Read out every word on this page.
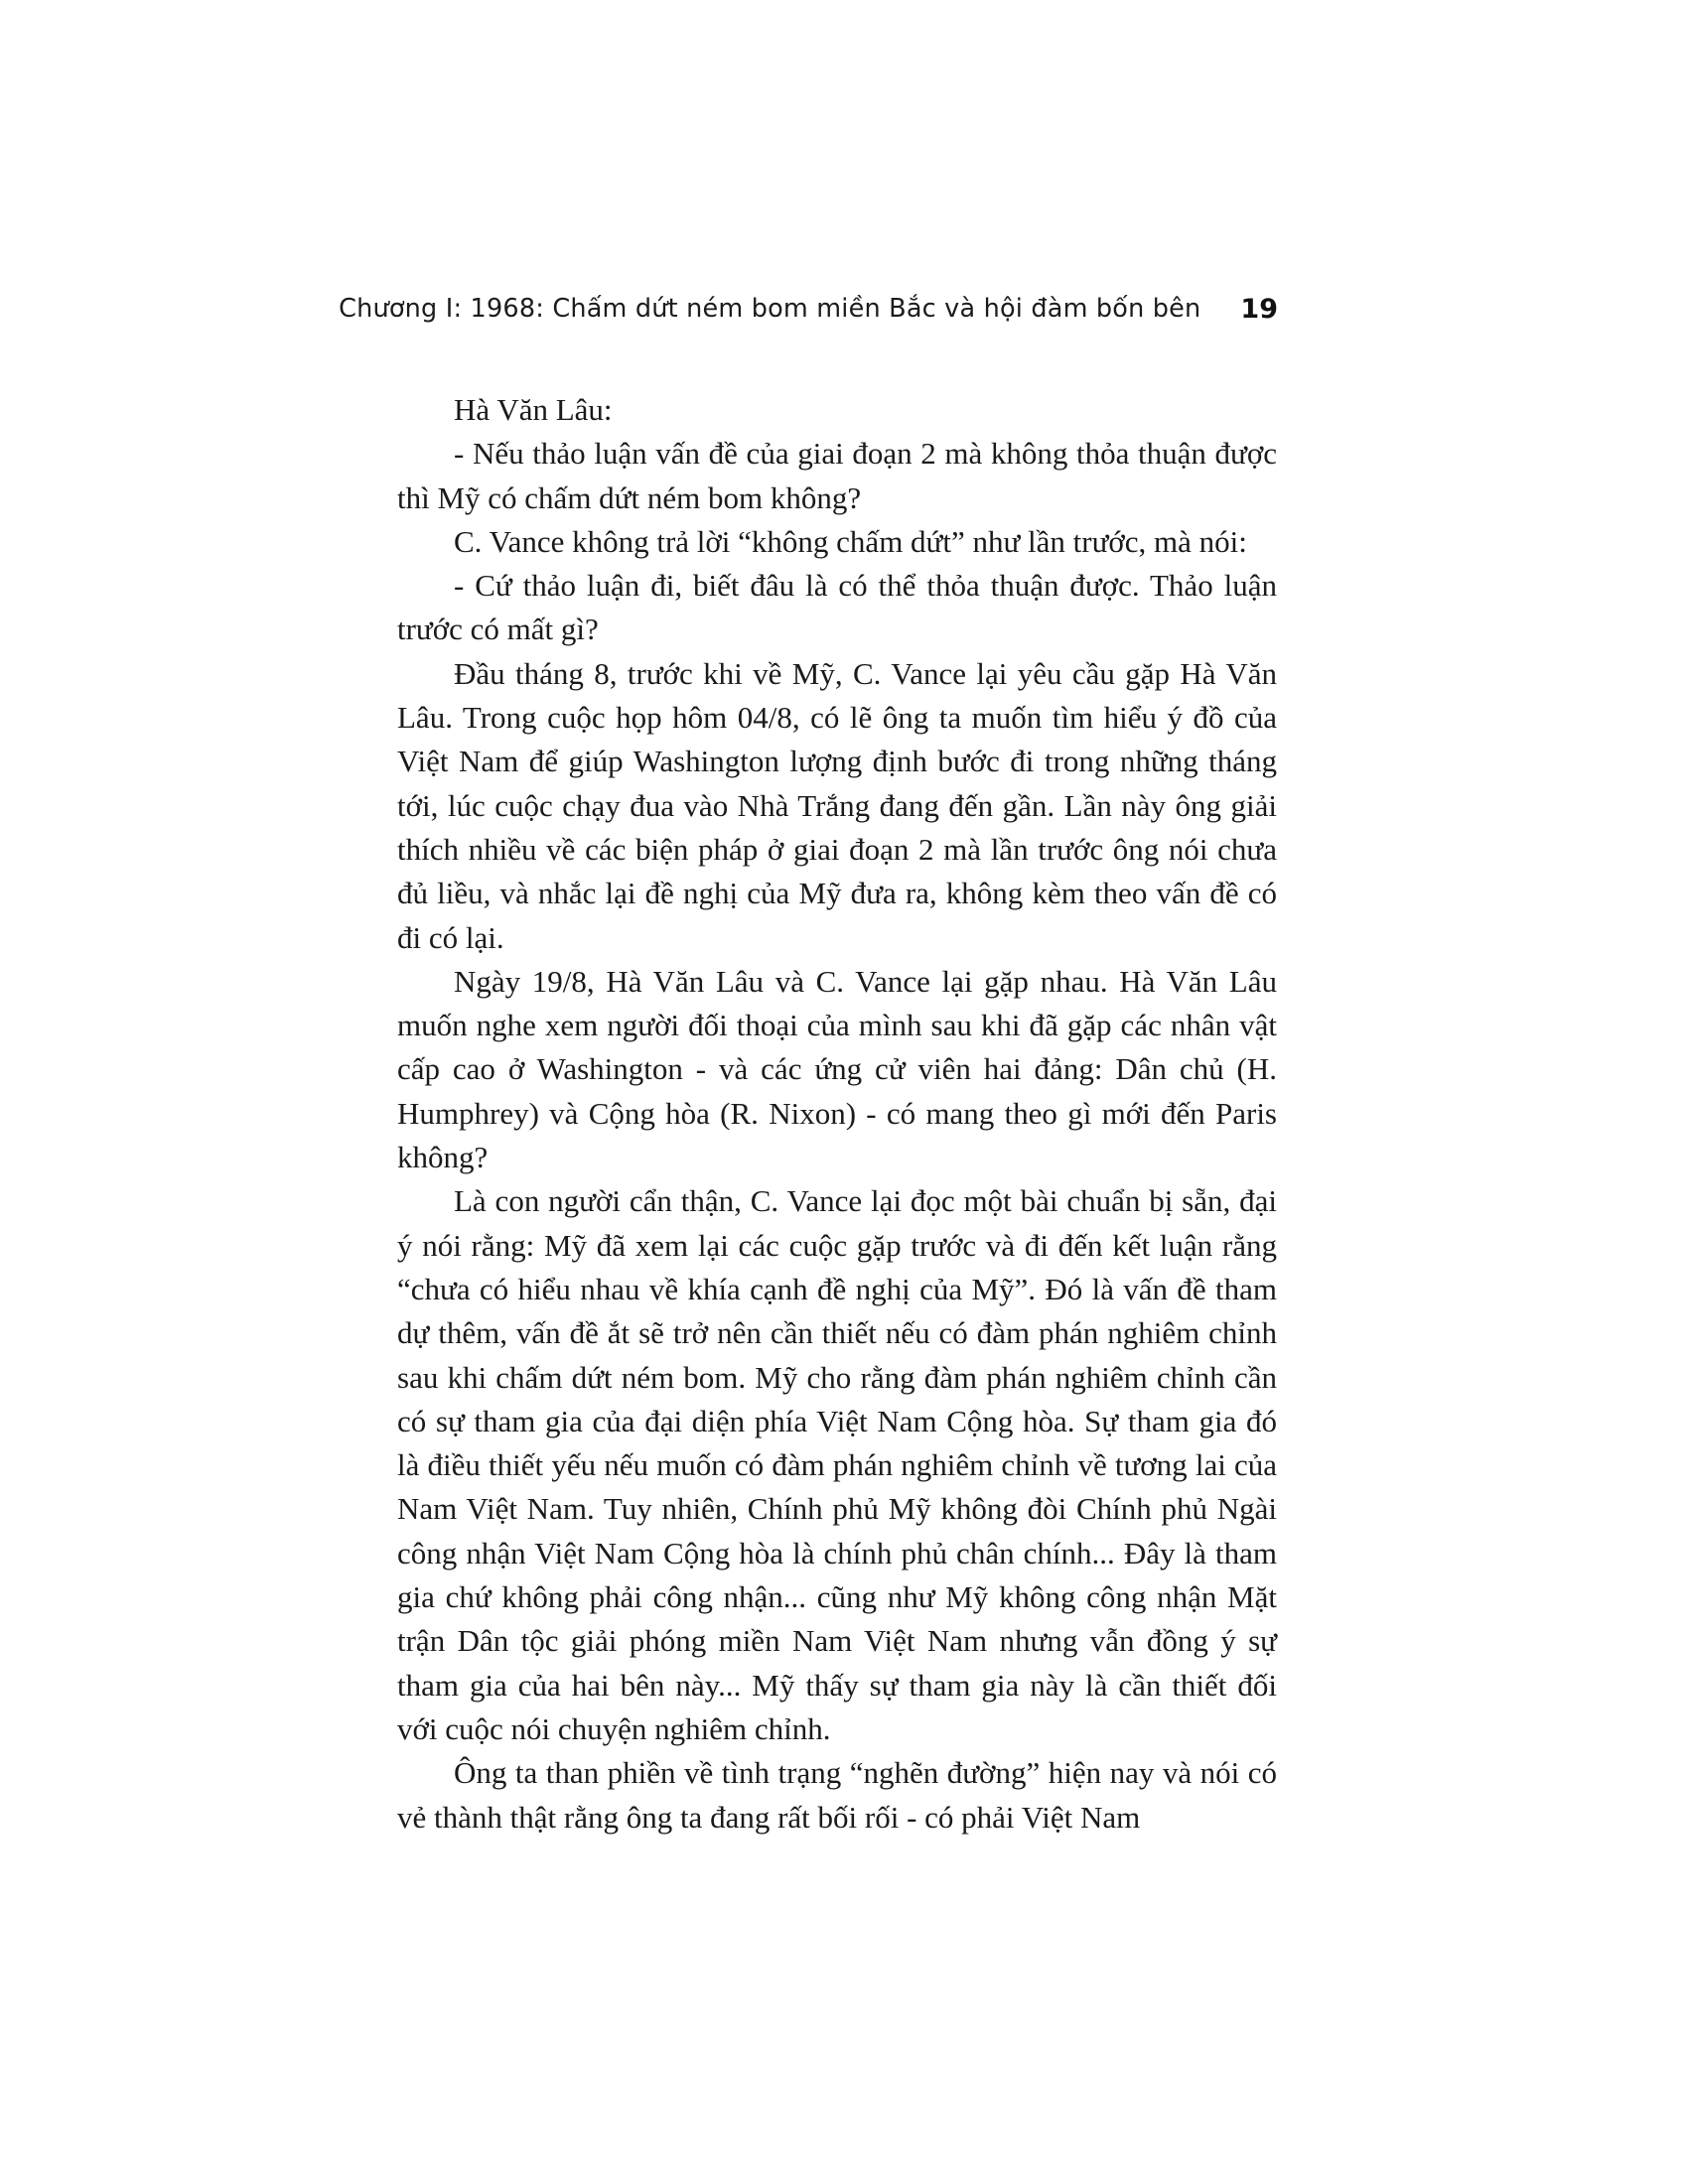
Chương I: 1968: Chấm dứt ném bom miền Bắc và hội đàm bốn bên 19

Hà Văn Lâu:

- Nếu thảo luận vấn đề của giai đoạn 2 mà không thỏa thuận được thì Mỹ có chấm dứt ném bom không?

C. Vance không trả lời “không chấm dứt” như lần trước, mà nói:

- Cứ thảo luận đi, biết đâu là có thể thỏa thuận được. Thảo luận trước có mất gì?

Đầu tháng 8, trước khi về Mỹ, C. Vance lại yêu cầu gặp Hà Văn Lâu. Trong cuộc họp hôm 04/8, có lẽ ông ta muốn tìm hiểu ý đồ của Việt Nam để giúp Washington lượng định bước đi trong những tháng tới, lúc cuộc chạy đua vào Nhà Trắng đang đến gần. Lần này ông giải thích nhiều về các biện pháp ở giai đoạn 2 mà lần trước ông nói chưa đủ liều, và nhắc lại đề nghị của Mỹ đưa ra, không kèm theo vấn đề có đi có lại.

Ngày 19/8, Hà Văn Lâu và C. Vance lại gặp nhau. Hà Văn Lâu muốn nghe xem người đối thoại của mình sau khi đã gặp các nhân vật cấp cao ở Washington - và các ứng cử viên hai đảng: Dân chủ (H. Humphrey) và Cộng hòa (R. Nixon) - có mang theo gì mới đến Paris không?

Là con người cẩn thận, C. Vance lại đọc một bài chuẩn bị sẵn, đại ý nói rằng: Mỹ đã xem lại các cuộc gặp trước và đi đến kết luận rằng “chưa có hiểu nhau về khía cạnh đề nghị của Mỹ”. Đó là vấn đề tham dự thêm, vấn đề ắt sẽ trở nên cần thiết nếu có đàm phán nghiêm chỉnh sau khi chấm dứt ném bom. Mỹ cho rằng đàm phán nghiêm chỉnh cần có sự tham gia của đại diện phía Việt Nam Cộng hòa. Sự tham gia đó là điều thiết yếu nếu muốn có đàm phán nghiêm chỉnh về tương lai của Nam Việt Nam. Tuy nhiên, Chính phủ Mỹ không đòi Chính phủ Ngài công nhận Việt Nam Cộng hòa là chính phủ chân chính... Đây là tham gia chứ không phải công nhận... cũng như Mỹ không công nhận Mặt trận Dân tộc giải phóng miền Nam Việt Nam nhưng vẫn đồng ý sự tham gia của hai bên này... Mỹ thấy sự tham gia này là cần thiết đối với cuộc nói chuyện nghiêm chỉnh.

Ông ta than phiền về tình trạng “nghẽn đường” hiện nay và nói có vẻ thành thật rằng ông ta đang rất bối rối - có phải Việt Nam
